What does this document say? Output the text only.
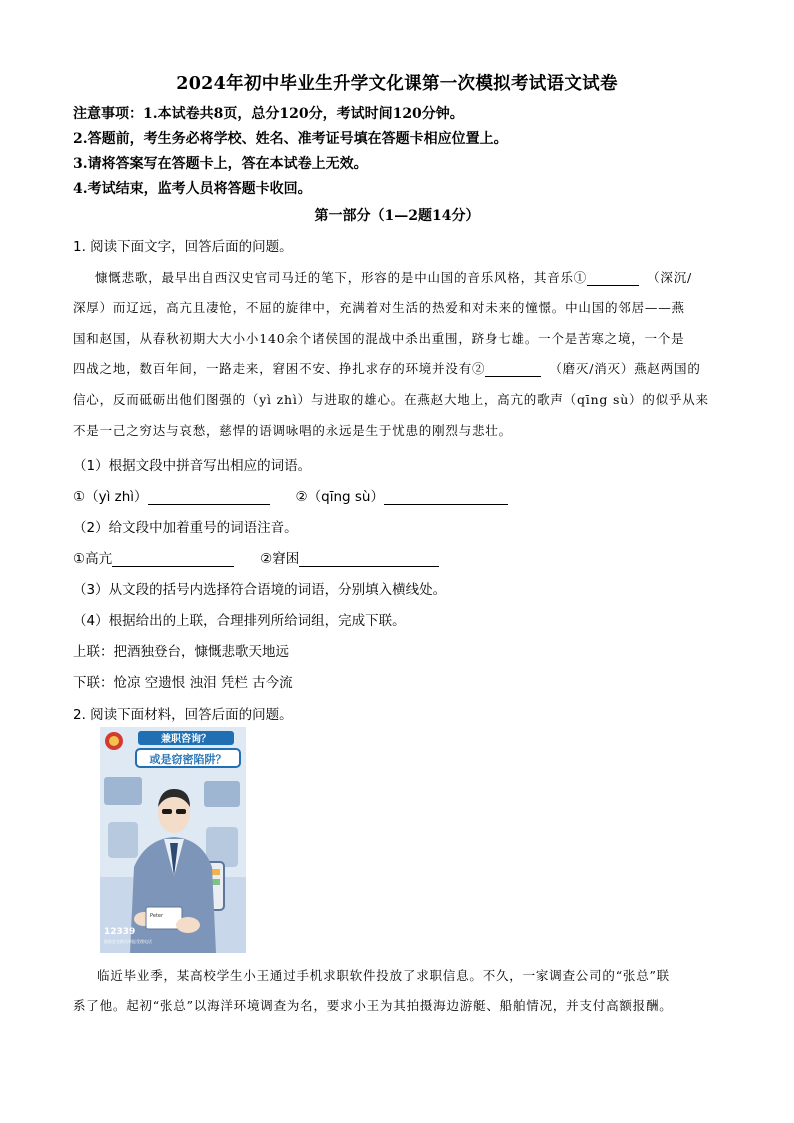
2024年初中毕业生升学文化课第一次模拟考试语文试卷
注意事项：1.本试卷共8页，总分120分，考试时间120分钟。
2.答题前，考生务必将学校、姓名、准考证号填在答题卡相应位置上。
3.请将答案写在答题卡上，答在本试卷上无效。
4.考试结束，监考人员将答题卡收回。
第一部分（1—2题14分）
1. 阅读下面文字，回答后面的问题。
慷慨悲歌，最早出自西汉史官司马迁的笔下，形容的是中山国的音乐风格，其音乐①	（深沉/
深厚）而辽远，高亢且凄怆，不屈的旋律中，充满着对生活的热爱和对未来的憧憬。中山国的邻居——燕
国和赵国，从春秋初期大大小小140余个诸侯国的混战中杀出重围，跻身七雄。一个是苦寒之境，一个是
四战之地，数百年间，一路走来，窘困不安、挣扎求存的环境并没有②	（磨灭/消灭）燕赵两国的
信心，反而砥砺出他们图强的（yì zhì）与进取的雄心。在燕赵大地上，高亢的歌声（qīng sù）的似乎从来
不是一己之穷达与哀愁，慈悍的语调咏唱的永远是生于忧患的刚烈与悲壮。
（1）根据文段中拼音写出相应的词语。
①（yì zhì）	②（qīng sù）
（2）给文段中加着重号的词语注音。
①高亢	②窘困
（3）从文段的括号内选择符合语境的词语，分别填入横线处。
（4）根据给出的上联，合理排列所给词组，完成下联。
上联：把酒独登台，慷慨悲歌天地远
下联：怆凉 空遗恨 浊泪 凭栏 古今流
2. 阅读下面材料，回答后面的问题。
兼职咨询？
或是窃密陷阱？
Peter
12339
国家安全机关举报受理电话
临近毕业季，某高校学生小王通过手机求职软件投放了求职信息。不久，一家调查公司的“张总”联
系了他。起初“张总”以海洋环境调查为名，要求小王为其拍摄海边游艇、船舶情况，并支付高额报酬。
